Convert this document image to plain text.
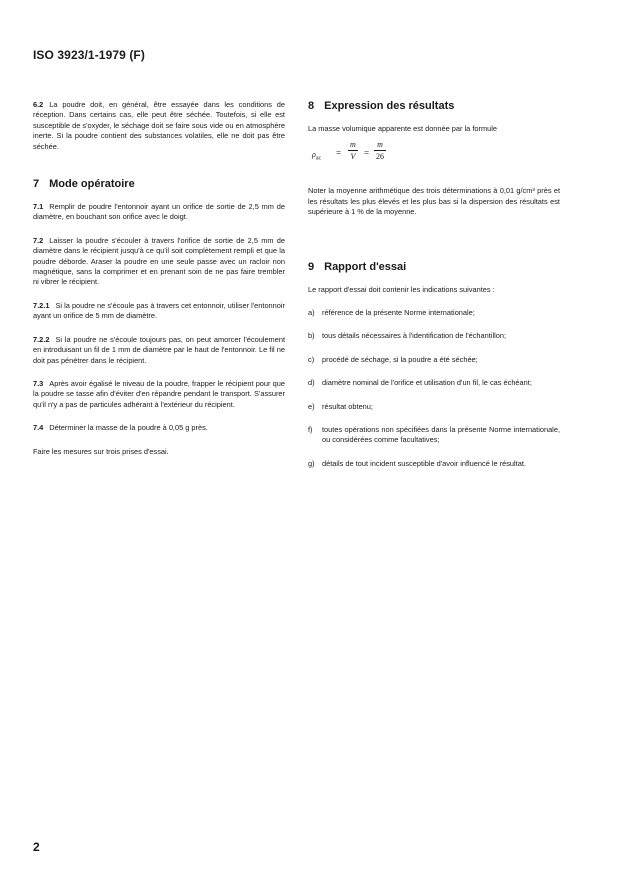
ISO 3923/1-1979 (F)

6.2 La poudre doit, en général, être essayée dans les conditions de réception. Dans certains cas, elle peut être séchée. Toutefois, si elle est susceptible de s'oxyder, le séchage doit se faire sous vide ou en atmosphère inerte. Si la poudre contient des substances volatiles, elle ne doit pas être séchée.

7 Mode opératoire

7.1 Remplir de poudre l'entonnoir ayant un orifice de sortie de 2,5 mm de diamètre, en bouchant son orifice avec le doigt.

7.2 Laisser la poudre s'écouler à travers l'orifice de sortie de 2,5 mm de diamètre dans le récipient jusqu'à ce qu'il soit complètement rempli et que la poudre déborde. Araser la poudre en une seule passe avec un racloir non magnétique, sans la comprimer et en prenant soin de ne pas faire trembler ni vibrer le récipient.

7.2.1 Si la poudre ne s'écoule pas à travers cet entonnoir, utiliser l'entonnoir ayant un orifice de 5 mm de diamètre.

7.2.2 Si la poudre ne s'écoule toujours pas, on peut amorcer l'écoulement en introduisant un fil de 1 mm de diamètre par le haut de l'entonnoir. Le fil ne doit pas pénétrer dans le récipient.

7.3 Après avoir égalisé le niveau de la poudre, frapper le récipient pour que la poudre se tasse afin d'éviter d'en répandre pendant le transport. S'assurer qu'il n'y a pas de particules adhérant à l'extérieur du récipient.

7.4 Déterminer la masse de la poudre à 0,05 g près.

Faire les mesures sur trois prises d'essai.

8 Expression des résultats

La masse volumique apparente est donnée par la formule

$\rho_{ac}$
=
m
V =
m
26

Noter la moyenne arithmétique des trois déterminations à 0,01 g/cm³ près et les résultats les plus élevés et les plus bas si la dispersion des résultats est supérieure à 1 % de la moyenne.

9 Rapport d'essai

Le rapport d'essai doit contenir les indications suivantes :

a)	référence de la présente Norme internationale;
b)	tous détails nécessaires à l'identification de l'échantillon;
c)	procédé de séchage, si la poudre a été séchée;
d)	diamètre nominal de l'orifice et utilisation d'un fil, le cas échéant;
e)	résultat obtenu;
f)	toutes opérations non spécifiées dans la présente Norme internationale, ou considérées comme facultatives;
g)	détails de tout incident susceptible d'avoir influencé le résultat.
2
